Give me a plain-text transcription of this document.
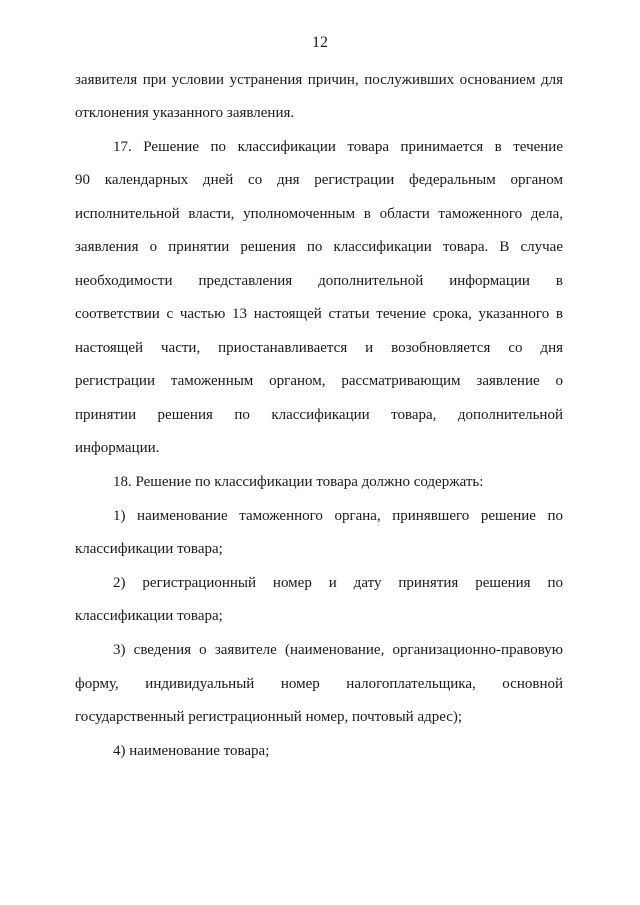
12
заявителя при условии устранения причин, послуживших основанием для
отклонения указанного заявления.
17. Решение по классификации товара принимается в течение
90 календарных дней со дня регистрации федеральным органом
исполнительной власти, уполномоченным в области таможенного дела,
заявления о принятии решения по классификации товара. В случае
необходимости представления дополнительной информации в
соответствии с частью 13 настоящей статьи течение срока, указанного в
настоящей части, приостанавливается и возобновляется со дня
регистрации таможенным органом, рассматривающим заявление о
принятии решения по классификации товара, дополнительной
информации.
18. Решение по классификации товара должно содержать:
1) наименование таможенного органа, принявшего решение по
классификации товара;
2) регистрационный номер и дату принятия решения по
классификации товара;
3) сведения о заявителе (наименование, организационно-правовую
форму, индивидуальный номер налогоплательщика, основной
государственный регистрационный номер, почтовый адрес);
4) наименование товара;
